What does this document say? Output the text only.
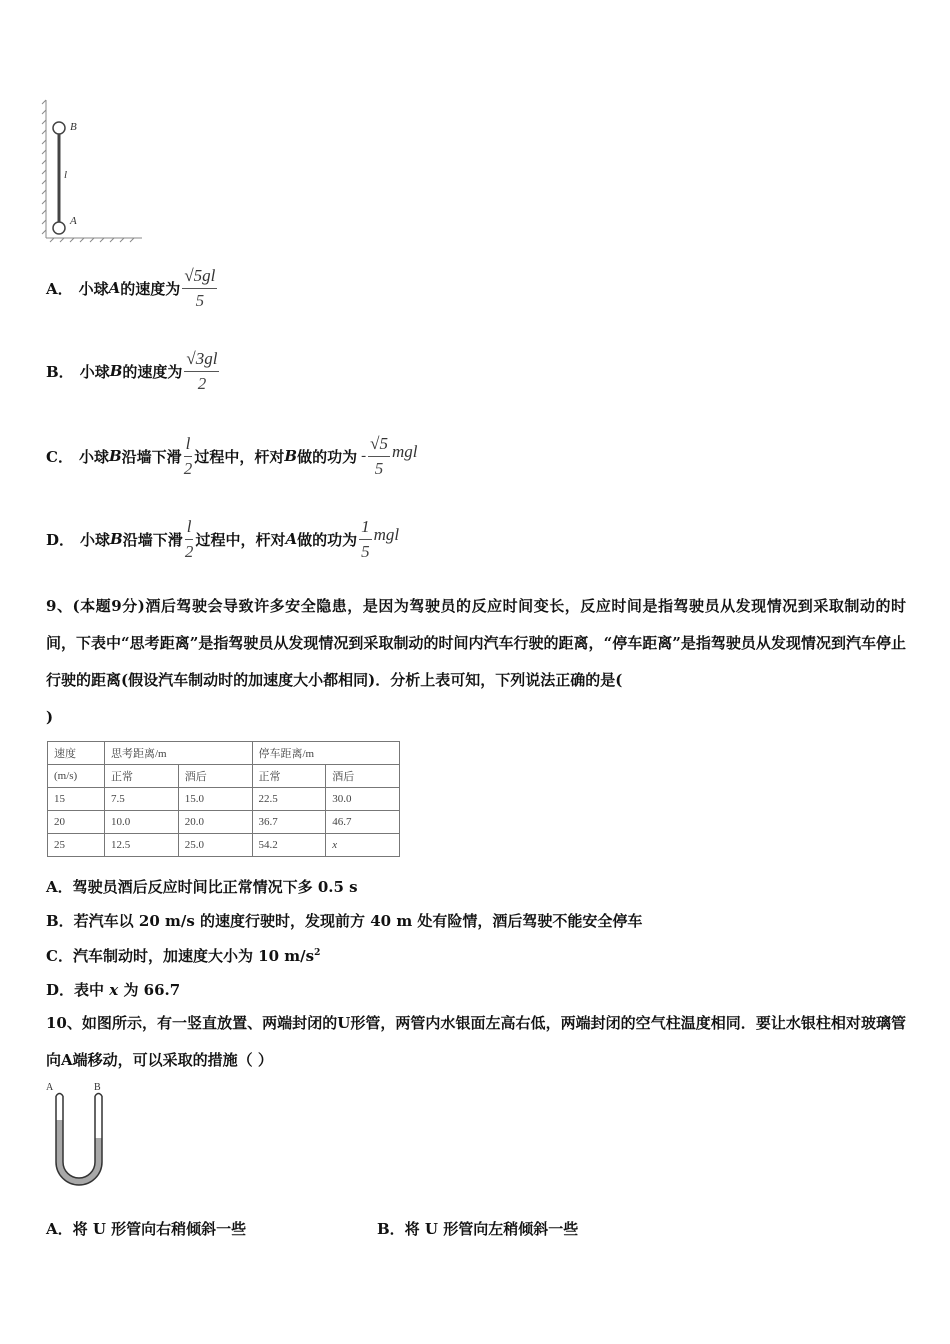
B
l
A
A． 小球 A 的速度为 $\frac{√5gl}{5}$
B． 小球 B 的速度为 $\frac{√3gl}{2}$
C． 小球 B 沿墙下滑 $\frac{l}{2}$ 过程中，杆对 B 做的功为 - $\frac{√5}{5}$ mgl
D． 小球 B 沿墙下滑 $\frac{l}{2}$ 过程中，杆对 A 做的功为 $\frac{1}{5}$ mgl
9、(本题9分)酒后驾驶会导致许多安全隐患，是因为驾驶员的反应时间变长，反应时间是指驾驶员从发现情况到采取制动的时间，下表中“思考距离”是指驾驶员从发现情况到采取制动的时间内汽车行驶的距离，“停车距离”是指驾驶员从发现情况到汽车停止行驶的距离(假设汽车制动时的加速度大小都相同)．分析上表可知，下列说法正确的是(
)
速度	思考距离/m		停车距离/m	
(m/s)	正常	酒后	正常	酒后
15	7.5	15.0	22.5	30.0
20	10.0	20.0	36.7	46.7
25	12.5	25.0	54.2	x
A．驾驶员酒后反应时间比正常情况下多 0.5 s
B．若汽车以 20 m/s 的速度行驶时，发现前方 40 m 处有险情，酒后驾驶不能安全停车
C．汽车制动时，加速度大小为 10 $m/s^2$
D．表中 x 为 66.7
10、如图所示，有一竖直放置、两端封闭的U形管，两管内水银面左高右低，两端封闭的空气柱温度相同．要让水银柱相对玻璃管向A端移动，可以采取的措施（ ）
A	B
A．将 U 形管向右稍倾斜一些	B．将 U 形管向左稍倾斜一些
